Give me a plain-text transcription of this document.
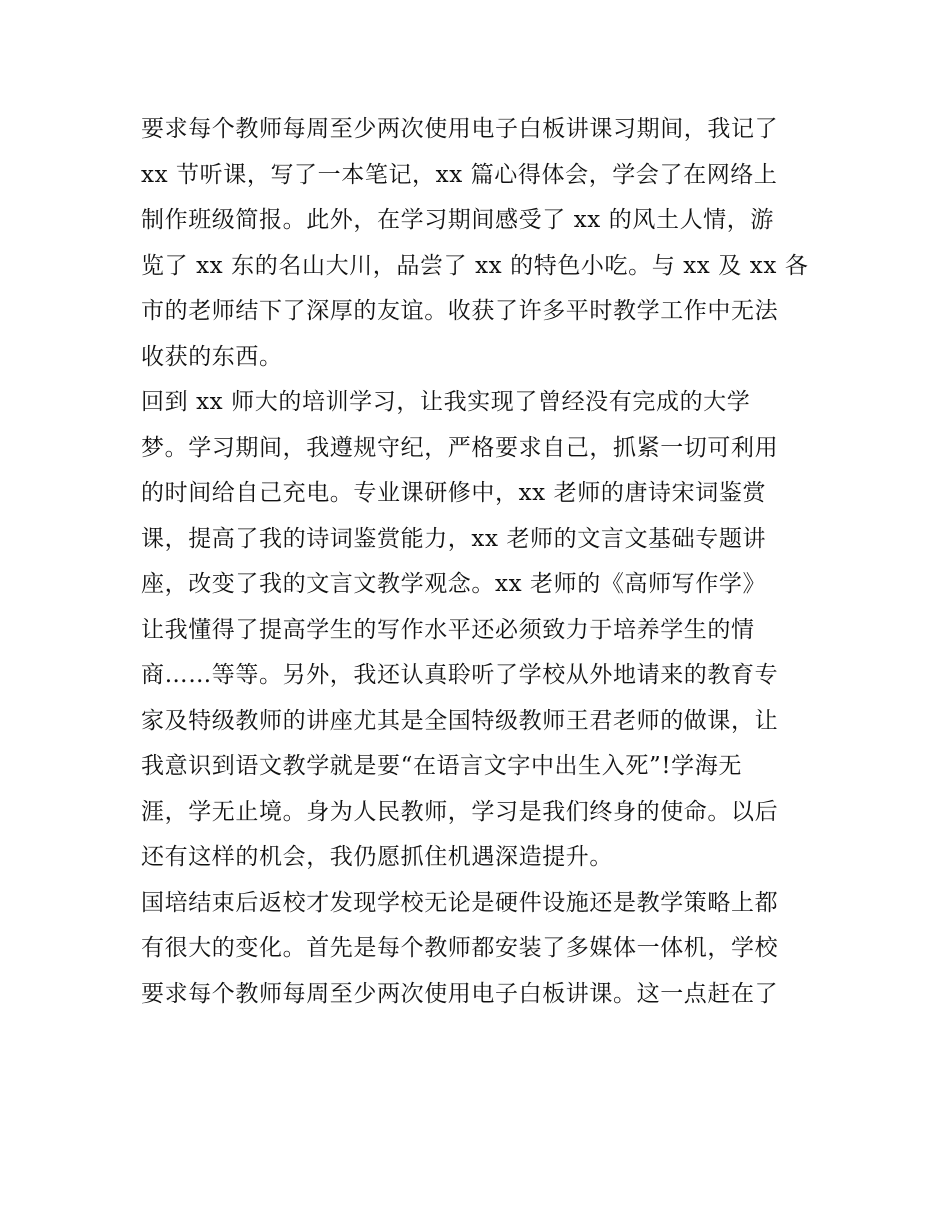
要求每个教师每周至少两次使用电子白板讲课习期间，我记了
xx 节听课，写了一本笔记，xx 篇心得体会，学会了在网络上
制作班级简报。此外，在学习期间感受了 xx 的风土人情，游
览了 xx 东的名山大川，品尝了 xx 的特色小吃。与 xx 及 xx 各
市的老师结下了深厚的友谊。收获了许多平时教学工作中无法
收获的东西。
回到 xx 师大的培训学习，让我实现了曾经没有完成的大学
梦。学习期间，我遵规守纪，严格要求自己，抓紧一切可利用
的时间给自己充电。专业课研修中，xx 老师的唐诗宋词鉴赏
课，提高了我的诗词鉴赏能力，xx 老师的文言文基础专题讲
座，改变了我的文言文教学观念。xx 老师的《高师写作学》
让我懂得了提高学生的写作水平还必须致力于培养学生的情
商……等等。另外，我还认真聆听了学校从外地请来的教育专
家及特级教师的讲座尤其是全国特级教师王君老师的做课，让
我意识到语文教学就是要“在语言文字中出生入死”!学海无
涯，学无止境。身为人民教师，学习是我们终身的使命。以后
还有这样的机会，我仍愿抓住机遇深造提升。
国培结束后返校才发现学校无论是硬件设施还是教学策略上都
有很大的变化。首先是每个教师都安装了多媒体一体机，学校
要求每个教师每周至少两次使用电子白板讲课。这一点赶在了
